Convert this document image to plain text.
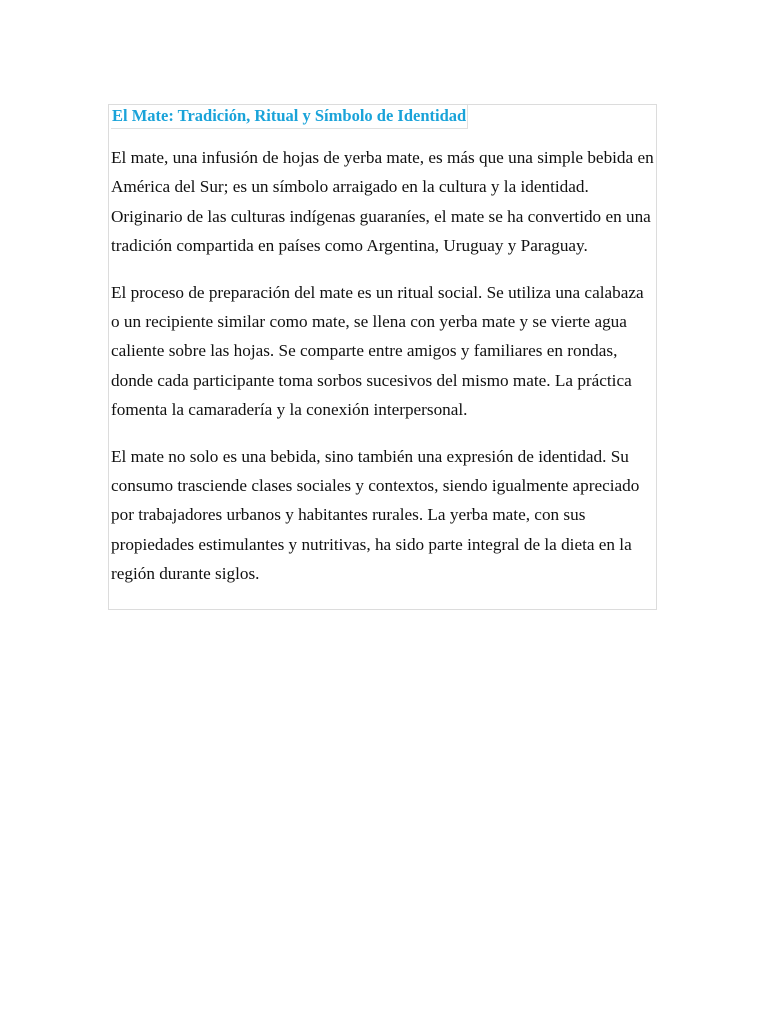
El Mate: Tradición, Ritual y Símbolo de Identidad

El mate, una infusión de hojas de yerba mate, es más que una simple bebida en América del Sur; es un símbolo arraigado en la cultura y la identidad. Originario de las culturas indígenas guaraníes, el mate se ha convertido en una tradición compartida en países como Argentina, Uruguay y Paraguay.

El proceso de preparación del mate es un ritual social. Se utiliza una calabaza o un recipiente similar como mate, se llena con yerba mate y se vierte agua caliente sobre las hojas. Se comparte entre amigos y familiares en rondas, donde cada participante toma sorbos sucesivos del mismo mate. La práctica fomenta la camaradería y la conexión interpersonal.

El mate no solo es una bebida, sino también una expresión de identidad. Su consumo trasciende clases sociales y contextos, siendo igualmente apreciado por trabajadores urbanos y habitantes rurales. La yerba mate, con sus propiedades estimulantes y nutritivas, ha sido parte integral de la dieta en la región durante siglos.
